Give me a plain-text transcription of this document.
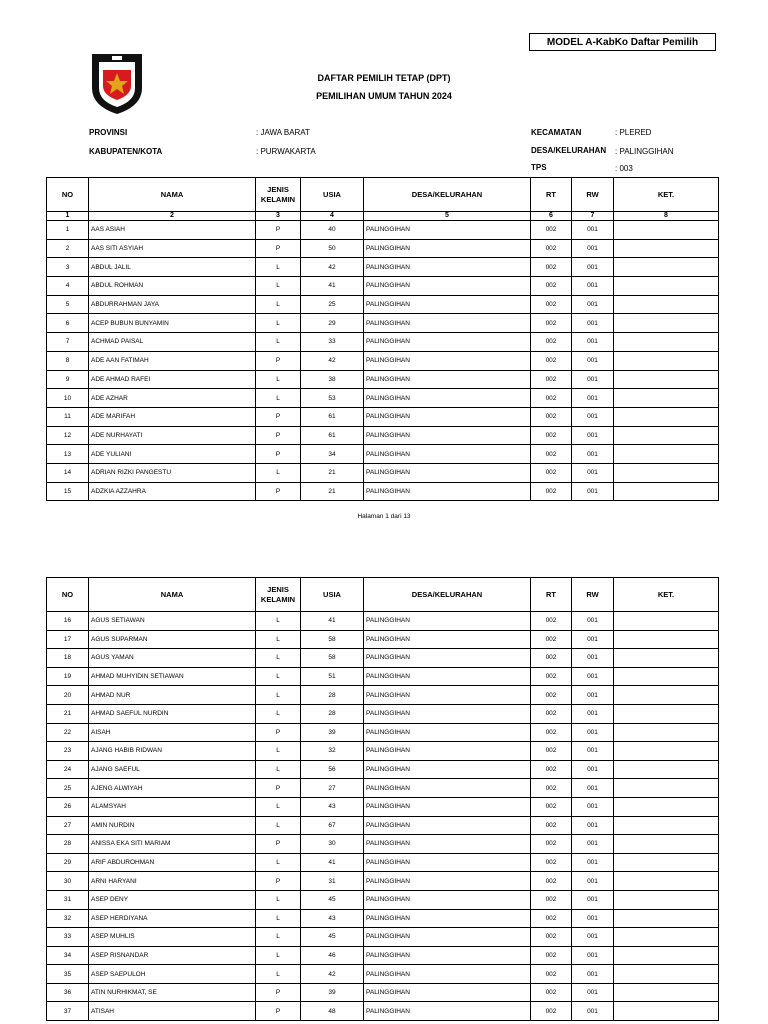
MODEL A-KabKo Daftar Pemilih
DAFTAR PEMILIH TETAP (DPT)
PEMILIHAN UMUM TAHUN 2024
PROVINSI	: JAWA BARAT
KABUPATEN/KOTA	: PURWAKARTA
KECAMATAN	: PLERED
DESA/KELURAHAN : PALINGGIHAN
TPS	: 003
NO	NAMA	JENIS KELAMIN	USIA	DESA/KELURAHAN	RT	RW	KET.
1	2	3	4	5	6	7	8
1	AAS ASIAH	P	40	PALINGGIHAN	002	001	
2	AAS SITI ASYIAH	P	50	PALINGGIHAN	002	001	
3	ABDUL JALIL	L	42	PALINGGIHAN	002	001	
4	ABDUL ROHMAN	L	41	PALINGGIHAN	002	001	
5	ABDURRAHMAN JAYA	L	25	PALINGGIHAN	002	001	
6	ACEP BUBUN BUNYAMIN	L	29	PALINGGIHAN	002	001	
7	ACHMAD PAISAL	L	33	PALINGGIHAN	002	001	
8	ADE AAN FATIMAH	P	42	PALINGGIHAN	002	001	
9	ADE AHMAD RAFEI	L	38	PALINGGIHAN	002	001	
10	ADE AZHAR	L	53	PALINGGIHAN	002	001	
11	ADE MARIFAH	P	61	PALINGGIHAN	002	001	
12	ADE NURHAYATI	P	61	PALINGGIHAN	002	001	
13	ADE YULIANI	P	34	PALINGGIHAN	002	001	
14	ADRIAN RIZKI PANGESTU	L	21	PALINGGIHAN	002	001	
15	ADZKIA AZZAHRA	P	21	PALINGGIHAN	002	001	
Halaman 1 dari 13
NO	NAMA	JENIS KELAMIN	USIA	DESA/KELURAHAN	RT	RW	KET.
16	AGUS SETIAWAN	L	41	PALINGGIHAN	002	001	
17	AGUS SUPARMAN	L	58	PALINGGIHAN	002	001	
18	AGUS YAMAN	L	58	PALINGGIHAN	002	001	
19	AHMAD MUHYIDIN SETIAWAN	L	51	PALINGGIHAN	002	001	
20	AHMAD NUR	L	28	PALINGGIHAN	002	001	
21	AHMAD SAEFUL NURDIN	L	28	PALINGGIHAN	002	001	
22	AISAH	P	39	PALINGGIHAN	002	001	
23	AJANG HABIB RIDWAN	L	32	PALINGGIHAN	002	001	
24	AJANG SAEFUL	L	56	PALINGGIHAN	002	001	
25	AJENG ALWIYAH	P	27	PALINGGIHAN	002	001	
26	ALAMSYAH	L	43	PALINGGIHAN	002	001	
27	AMIN NURDIN	L	67	PALINGGIHAN	002	001	
28	ANISSA EKA SITI MARIAM	P	30	PALINGGIHAN	002	001	
29	ARIF ABDUROHMAN	L	41	PALINGGIHAN	002	001	
30	ARNI HARYANI	P	31	PALINGGIHAN	002	001	
31	ASEP DENY	L	45	PALINGGIHAN	002	001	
32	ASEP HERDIYANA	L	43	PALINGGIHAN	002	001	
33	ASEP MUHLIS	L	45	PALINGGIHAN	002	001	
34	ASEP RISNANDAR	L	46	PALINGGIHAN	002	001	
35	ASEP SAEPULOH	L	42	PALINGGIHAN	002	001	
36	ATIN NURHIKMAT, SE	P	39	PALINGGIHAN	002	001	
37	ATISAH	P	48	PALINGGIHAN	002	001	
